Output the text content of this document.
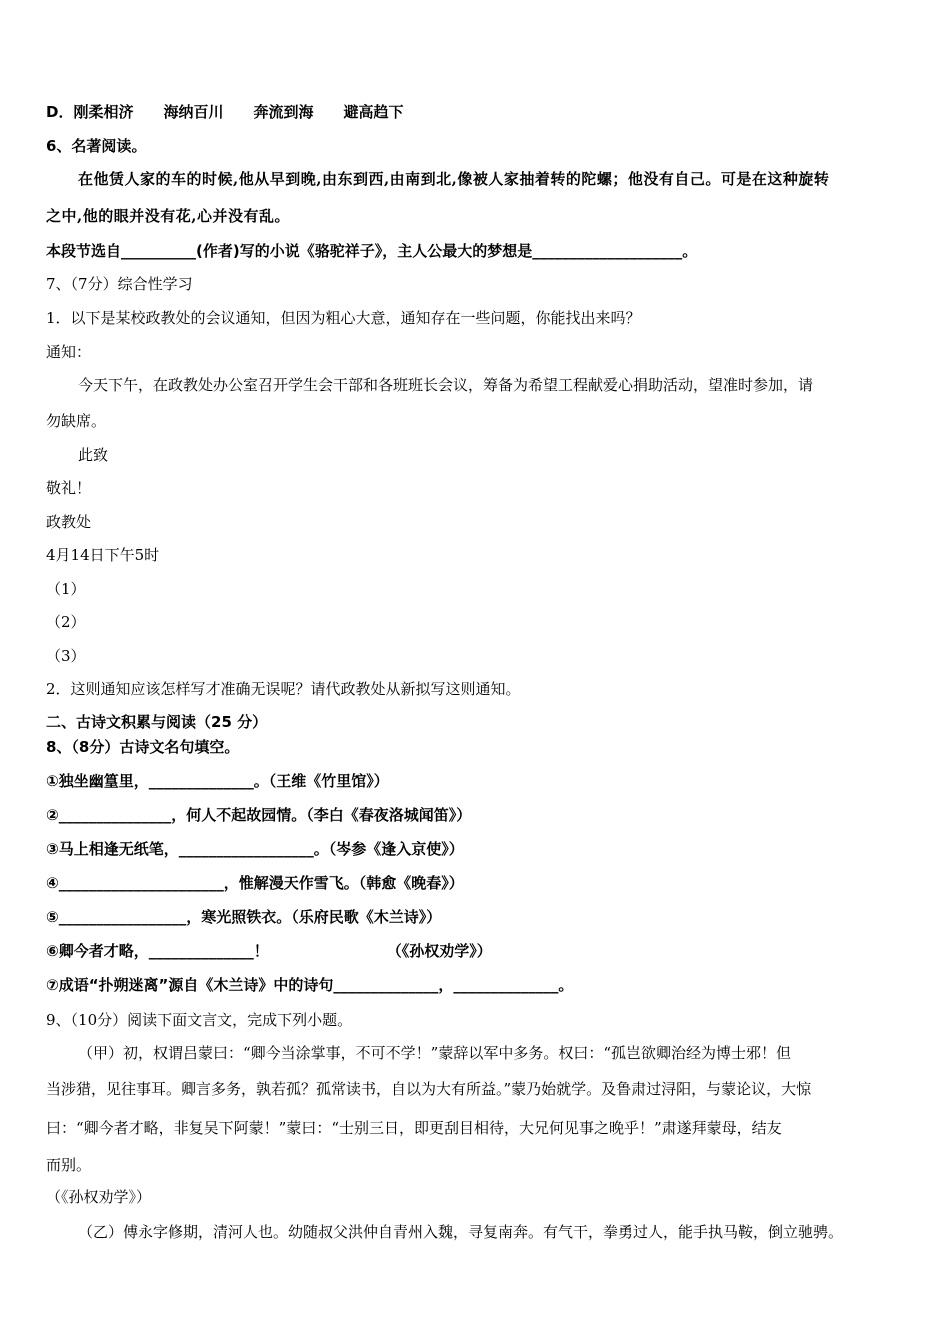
D．刚柔相济　　海纳百川　　奔流到海　　避高趋下
6、名著阅读。
在他赁人家的车的时候,他从早到晚,由东到西,由南到北,像被人家抽着转的陀螺；他没有自己。可是在这种旋转
之中,他的眼并没有花,心并没有乱。
本段节选自__________(作者)写的小说《骆驼祥子》，主人公最大的梦想是____________________。
7、（7分）综合性学习
1．以下是某校政教处的会议通知，但因为粗心大意，通知存在一些问题，你能找出来吗？
通知：
今天下午，在政教处办公室召开学生会干部和各班班长会议，筹备为希望工程献爱心捐助活动，望准时参加，请
勿缺席。
此致
敬礼！
政教处
4月14日下午5时
（1）
（2）
（3）
2．这则通知应该怎样写才准确无误呢？请代政教处从新拟写这则通知。
二、古诗文积累与阅读（25 分）
8、（8分）古诗文名句填空。
①独坐幽篁里，______________。（王维《竹里馆》）
②_______________，何人不起故园情。（李白《春夜洛城闻笛》）
③马上相逢无纸笔，__________________。（岑参《逢入京使》）
④______________________，惟解漫天作雪飞。（韩愈《晚春》）
⑤_________________，寒光照铁衣。（乐府民歌《木兰诗》）
⑥卿今者才略，______________！	（《孙权劝学》）
⑦成语“扑朔迷离”源自《木兰诗》中的诗句______________，______________。
9、（10分）阅读下面文言文，完成下列小题。
（甲）初，权谓吕蒙曰：“卿今当涂掌事，不可不学！”蒙辞以军中多务。权曰：“孤岂欲卿治经为博士邪！但
当涉猎，见往事耳。卿言多务，孰若孤？孤常读书，自以为大有所益。”蒙乃始就学。及鲁肃过浔阳，与蒙论议，大惊
曰：“卿今者才略，非复吴下阿蒙！”蒙曰：“士别三日，即更刮目相待，大兄何见事之晚乎！”肃遂拜蒙母，结友
而别。
（《孙权劝学》）
（乙）傅永字修期，清河人也。幼随叔父洪仲自青州入魏，寻复南奔。有气干，拳勇过人，能手执马鞍，倒立驰骋。
